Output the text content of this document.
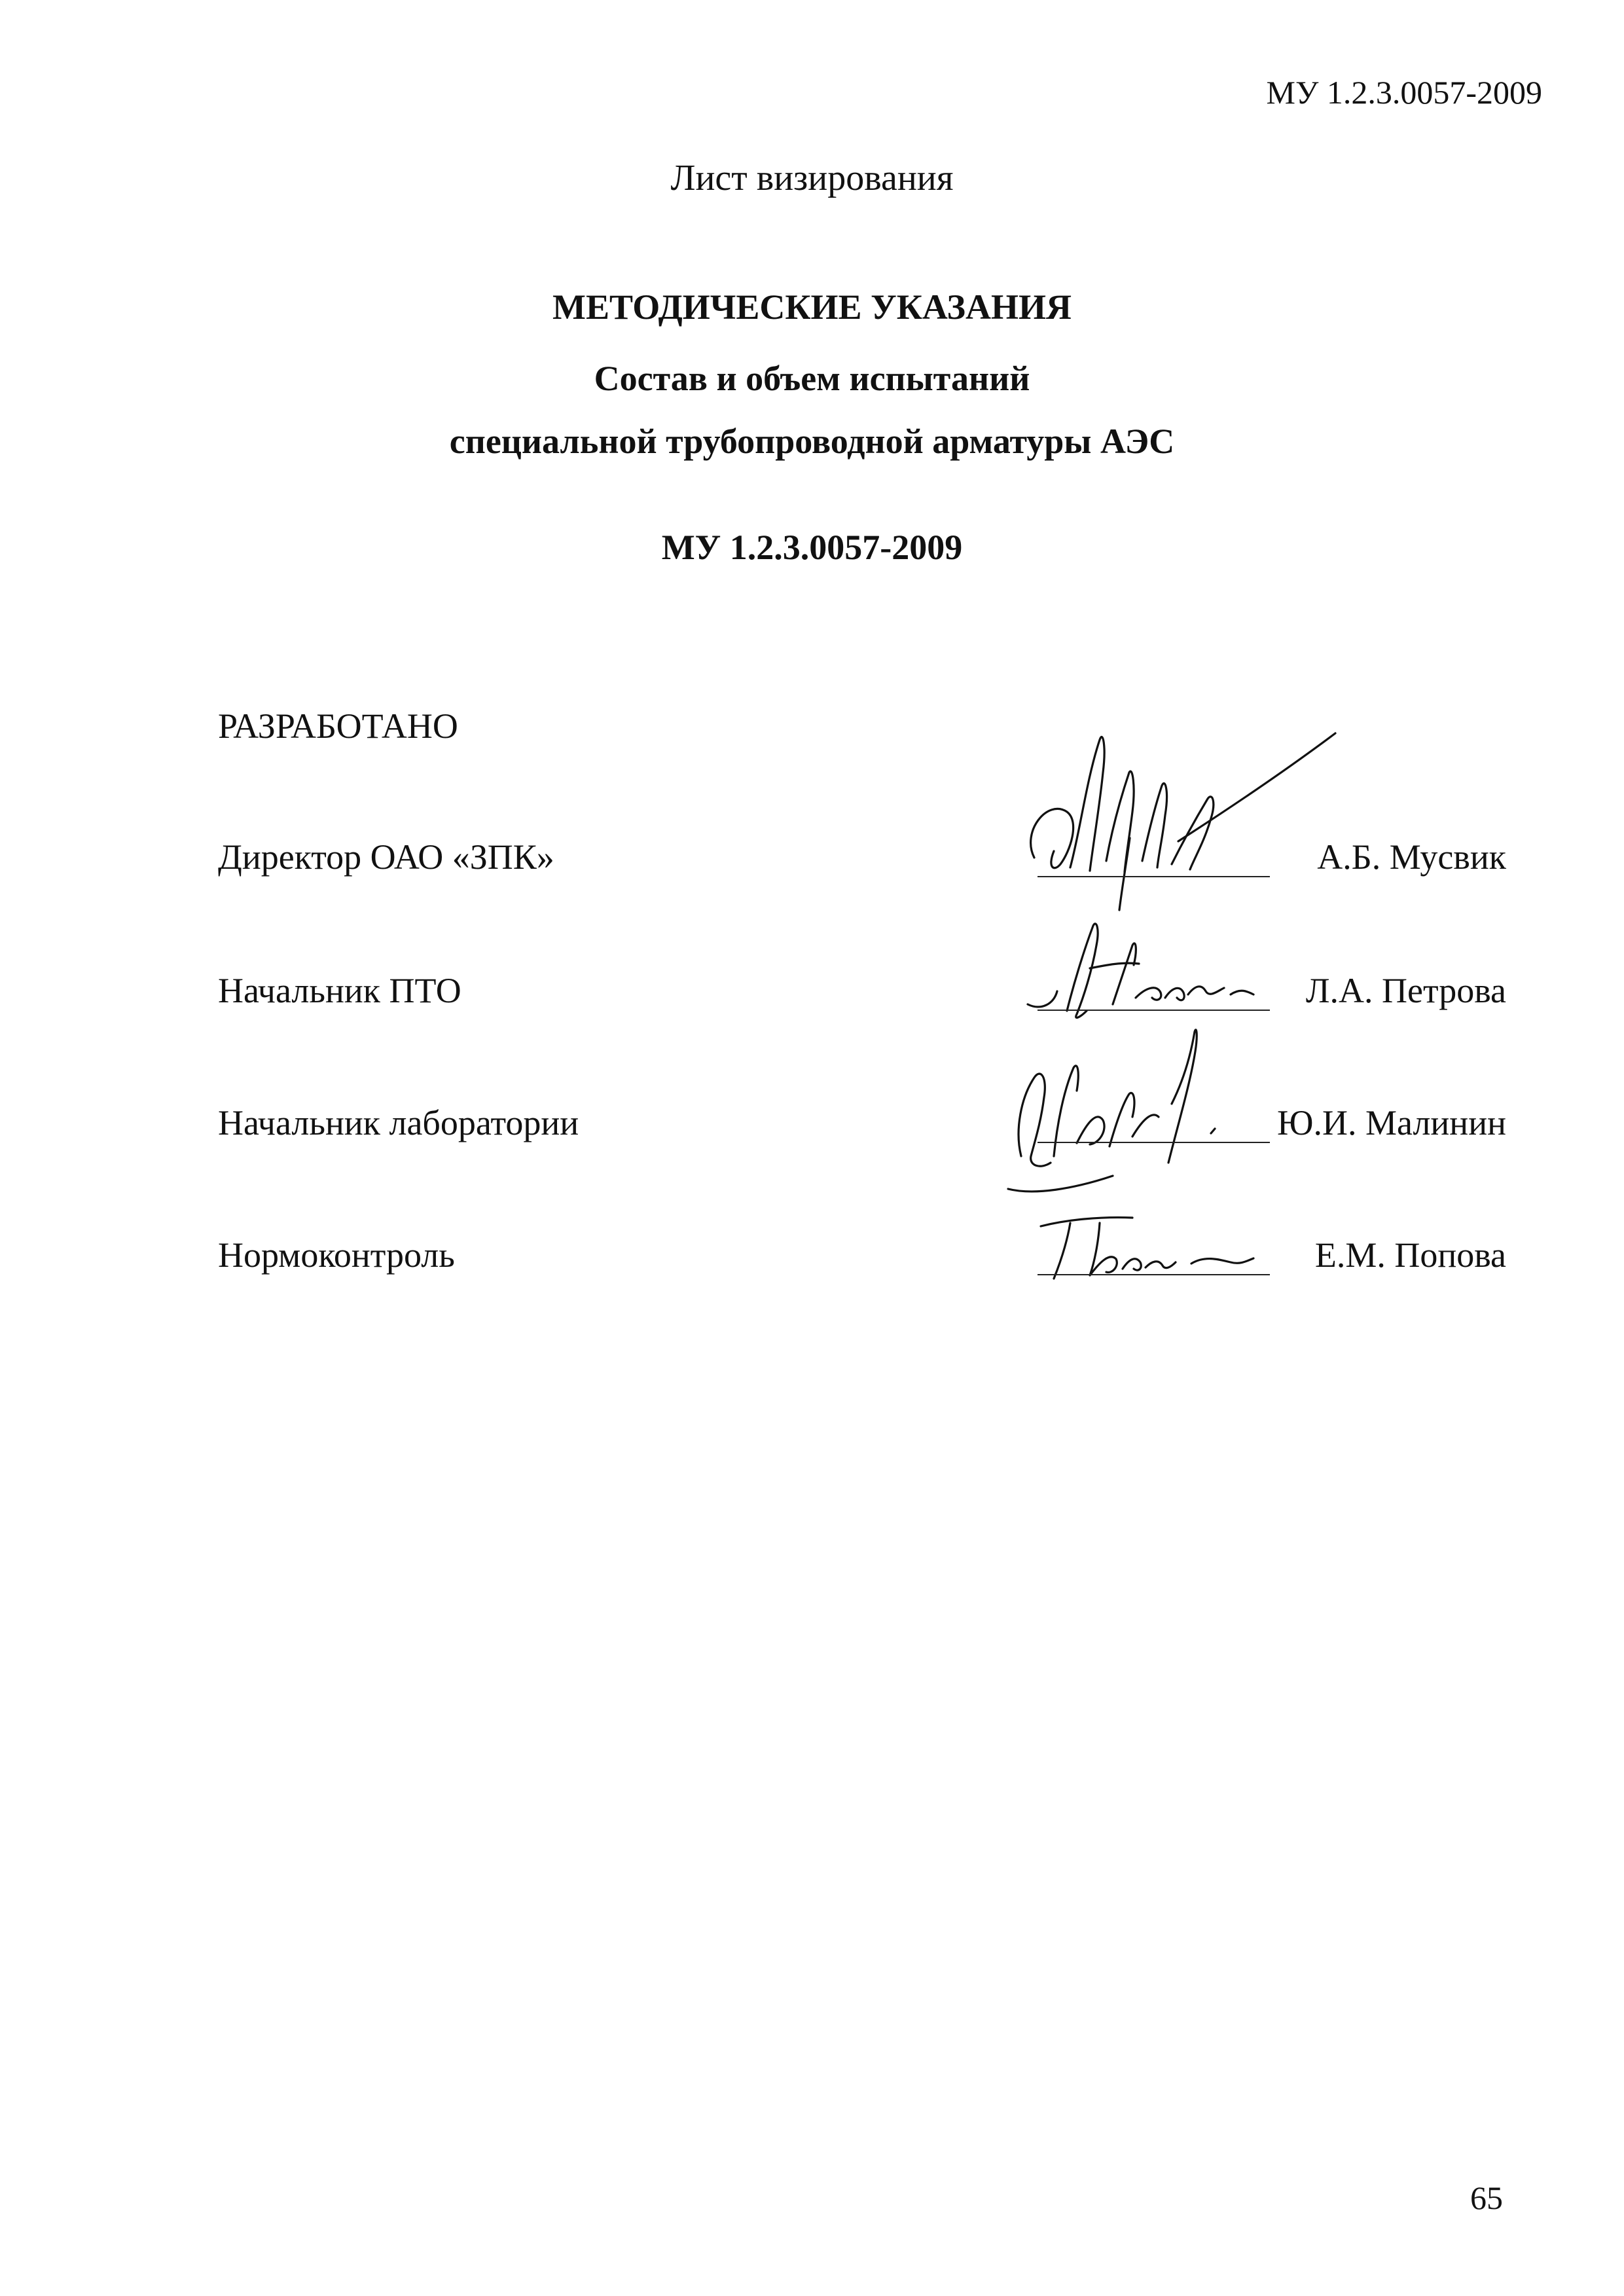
МУ 1.2.3.0057-2009
Лист визирования
МЕТОДИЧЕСКИЕ УКАЗАНИЯ
Состав и объем испытаний
специальной трубопроводной арматуры АЭС
МУ 1.2.3.0057-2009
РАЗРАБОТАНО
Директор ОАО «ЗПК»	А.Б. Мусвик
Начальник ПТО	Л.А. Петрова
Начальник лаборатории	Ю.И. Малинин
Нормоконтроль	Е.М. Попова
65
